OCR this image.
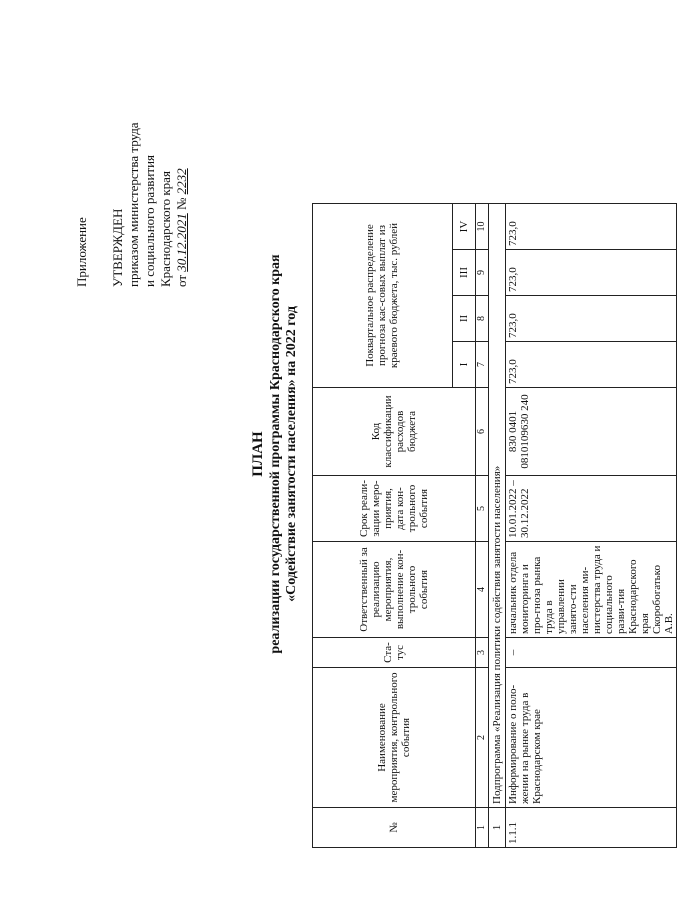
Приложение УТВЕРЖДЕН приказом министерства труда и социального развития Краснодарского края от 30.12.2021 № 2232
ПЛАН реализации государственной программы Краснодарского края «Содействие занятости населения» на 2022 год
№	Наименование мероприятия, контрольного события	Ста-тус	Ответственный за реализацию мероприятия, выполнение кон-трольного события	Срок реали-зации меро-приятия, дата кон-трольного события	Код классификации расходов бюджета	Поквартальное распределение прогноза кас-совых выплат из краевого бюджета, тыс. рублей			
						I	II	III	IV
1	2	3	4	5	6	7	8	9	10
1	Подпрограмма «Реализация политики содействия занятости населения»								
1.1.1	Информирование о поло-жении на рынке труда в Краснодарском крае	–	начальник отдела мониторинга и про-гноза рынка труда в управлении занято-сти населения ми-нистерства труда и социального разви-тия Краснодарского края Скоробогатько А.В.	10.01.2022 – 30.12.2022	830 0401 0810109630 240	723,0	723,0	723,0	723,0
